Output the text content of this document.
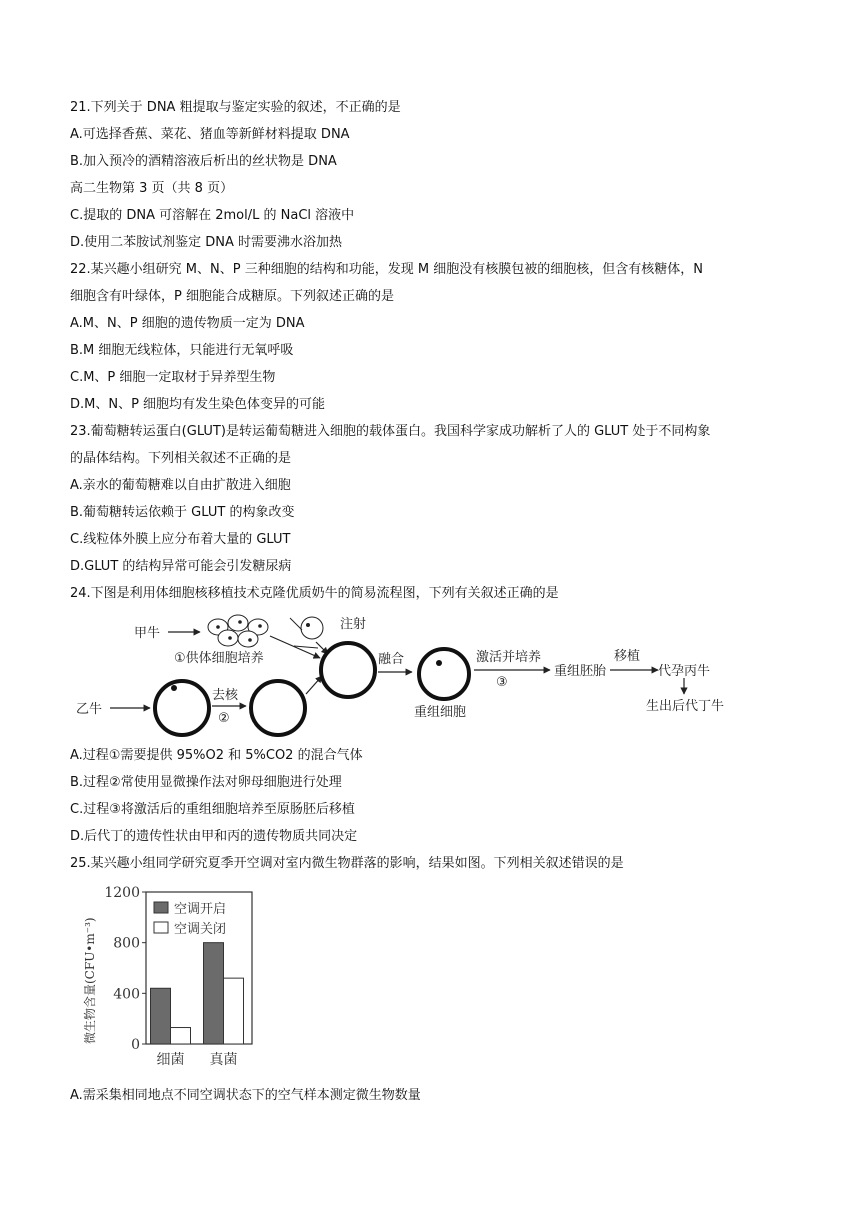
21.下列关于 DNA 粗提取与鉴定实验的叙述，不正确的是
A.可选择香蕉、菜花、猪血等新鲜材料提取 DNA
B.加入预冷的酒精溶液后析出的丝状物是 DNA
高二生物第 3 页（共 8 页）
C.提取的 DNA 可溶解在 2mol/L 的 NaCl 溶液中
D.使用二苯胺试剂鉴定 DNA 时需要沸水浴加热
22.某兴趣小组研究 M、N、P 三种细胞的结构和功能，发现 M 细胞没有核膜包被的细胞核，但含有核糖体，N
细胞含有叶绿体，P 细胞能合成糖原。下列叙述正确的是
A.M、N、P 细胞的遗传物质一定为 DNA
B.M 细胞无线粒体，只能进行无氧呼吸
C.M、P 细胞一定取材于异养型生物
D.M、N、P 细胞均有发生染色体变异的可能
23.葡萄糖转运蛋白(GLUT)是转运葡萄糖进入细胞的载体蛋白。我国科学家成功解析了人的 GLUT 处于不同构象
的晶体结构。下列相关叙述不正确的是
A.亲水的葡萄糖难以自由扩散进入细胞
B.葡萄糖转运依赖于 GLUT 的构象改变
C.线粒体外膜上应分布着大量的 GLUT
D.GLUT 的结构异常可能会引发糖尿病
24.下图是利用体细胞核移植技术克隆优质奶牛的简易流程图，下列有关叙述正确的是
甲牛
①供体细胞培养
注射
乙牛
去核
②
融合
重组细胞
激活并培养
③
重组胚胎
移植
代孕丙牛
生出后代丁牛
A.过程①需要提供 95%O2 和 5%CO2 的混合气体
B.过程②常使用显微操作法对卵母细胞进行处理
C.过程③将激活后的重组细胞培养至原肠胚后移植
D.后代丁的遗传性状由甲和丙的遗传物质共同决定
25.某兴趣小组同学研究夏季开空调对室内微生物群落的影响，结果如图。下列相关叙述错误的是
微生物含量(CFU•m⁻³)
0
400
800
1200
空调开启
空调关闭
细菌 真菌
A.需采集相同地点不同空调状态下的空气样本测定微生物数量
